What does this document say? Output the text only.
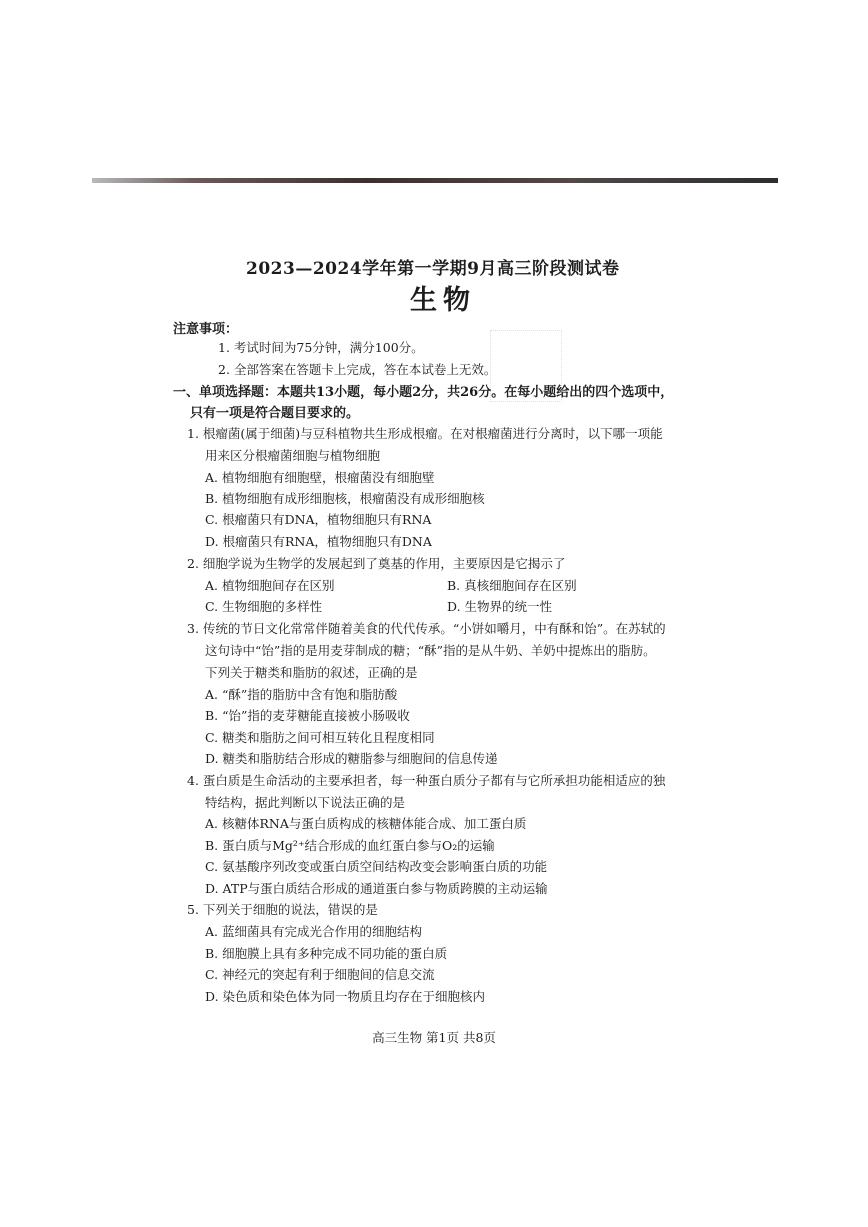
2023—2024学年第一学期9月高三阶段测试卷
生物
注意事项：
1. 考试时间为75分钟，满分100分。
2. 全部答案在答题卡上完成，答在本试卷上无效。
一、单项选择题：本题共13小题，每小题2分，共26分。在每小题给出的四个选项中，
只有一项是符合题目要求的。
1. 根瘤菌(属于细菌)与豆科植物共生形成根瘤。在对根瘤菌进行分离时，以下哪一项能
用来区分根瘤菌细胞与植物细胞
A. 植物细胞有细胞壁，根瘤菌没有细胞壁
B. 植物细胞有成形细胞核，根瘤菌没有成形细胞核
C. 根瘤菌只有DNA，植物细胞只有RNA
D. 根瘤菌只有RNA，植物细胞只有DNA
2. 细胞学说为生物学的发展起到了奠基的作用，主要原因是它揭示了
A. 植物细胞间存在区别	B. 真核细胞间存在区别
C. 生物细胞的多样性	D. 生物界的统一性
3. 传统的节日文化常常伴随着美食的代代传承。“小饼如嚼月，中有酥和饴”。在苏轼的
这句诗中“饴”指的是用麦芽制成的糖；“酥”指的是从牛奶、羊奶中提炼出的脂肪。
下列关于糖类和脂肪的叙述，正确的是
A. “酥”指的脂肪中含有饱和脂肪酸
B. “饴”指的麦芽糖能直接被小肠吸收
C. 糖类和脂肪之间可相互转化且程度相同
D. 糖类和脂肪结合形成的糖脂参与细胞间的信息传递
4. 蛋白质是生命活动的主要承担者，每一种蛋白质分子都有与它所承担功能相适应的独
特结构，据此判断以下说法正确的是
A. 核糖体RNA与蛋白质构成的核糖体能合成、加工蛋白质
B. 蛋白质与Mg²⁺结合形成的血红蛋白参与O₂的运输
C. 氨基酸序列改变或蛋白质空间结构改变会影响蛋白质的功能
D. ATP与蛋白质结合形成的通道蛋白参与物质跨膜的主动运输
5. 下列关于细胞的说法，错误的是
A. 蓝细菌具有完成光合作用的细胞结构
B. 细胞膜上具有多种完成不同功能的蛋白质
C. 神经元的突起有利于细胞间的信息交流
D. 染色质和染色体为同一物质且均存在于细胞核内
高三生物 第1页 共8页
